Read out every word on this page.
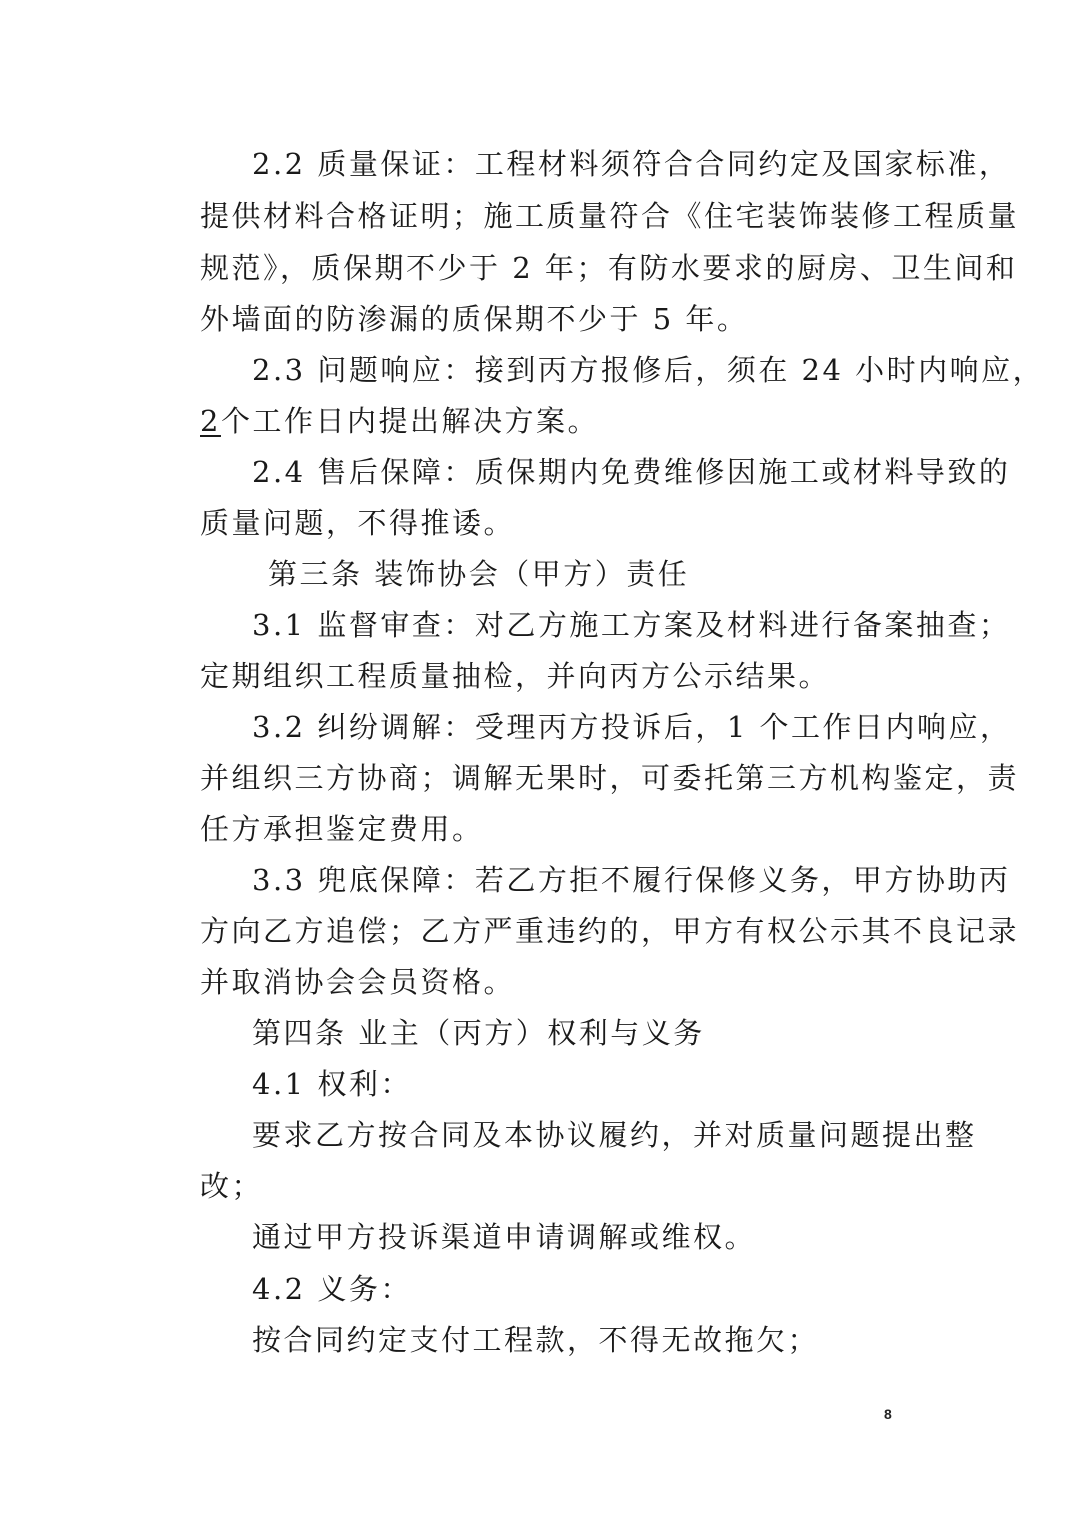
2.2 质量保证：工程材料须符合合同约定及国家标准，
提供材料合格证明；施工质量符合《住宅装饰装修工程质量
规范》，质保期不少于 2 年；有防水要求的厨房、卫生间和
外墙面的防渗漏的质保期不少于 5 年。
2.3 问题响应：接到丙方报修后，须在 24 小时内响应，
2个工作日内提出解决方案。
2.4 售后保障：质保期内免费维修因施工或材料导致的
质量问题，不得推诿。
第三条 装饰协会（甲方）责任
3.1 监督审查：对乙方施工方案及材料进行备案抽查；
定期组织工程质量抽检，并向丙方公示结果。
3.2 纠纷调解：受理丙方投诉后，1 个工作日内响应，
并组织三方协商；调解无果时，可委托第三方机构鉴定，责
任方承担鉴定费用。
3.3 兜底保障：若乙方拒不履行保修义务，甲方协助丙
方向乙方追偿；乙方严重违约的，甲方有权公示其不良记录
并取消协会会员资格。
第四条 业主（丙方）权利与义务
4.1 权利：
要求乙方按合同及本协议履约，并对质量问题提出整
改；
通过甲方投诉渠道申请调解或维权。
4.2 义务：
按合同约定支付工程款，不得无故拖欠；
8
